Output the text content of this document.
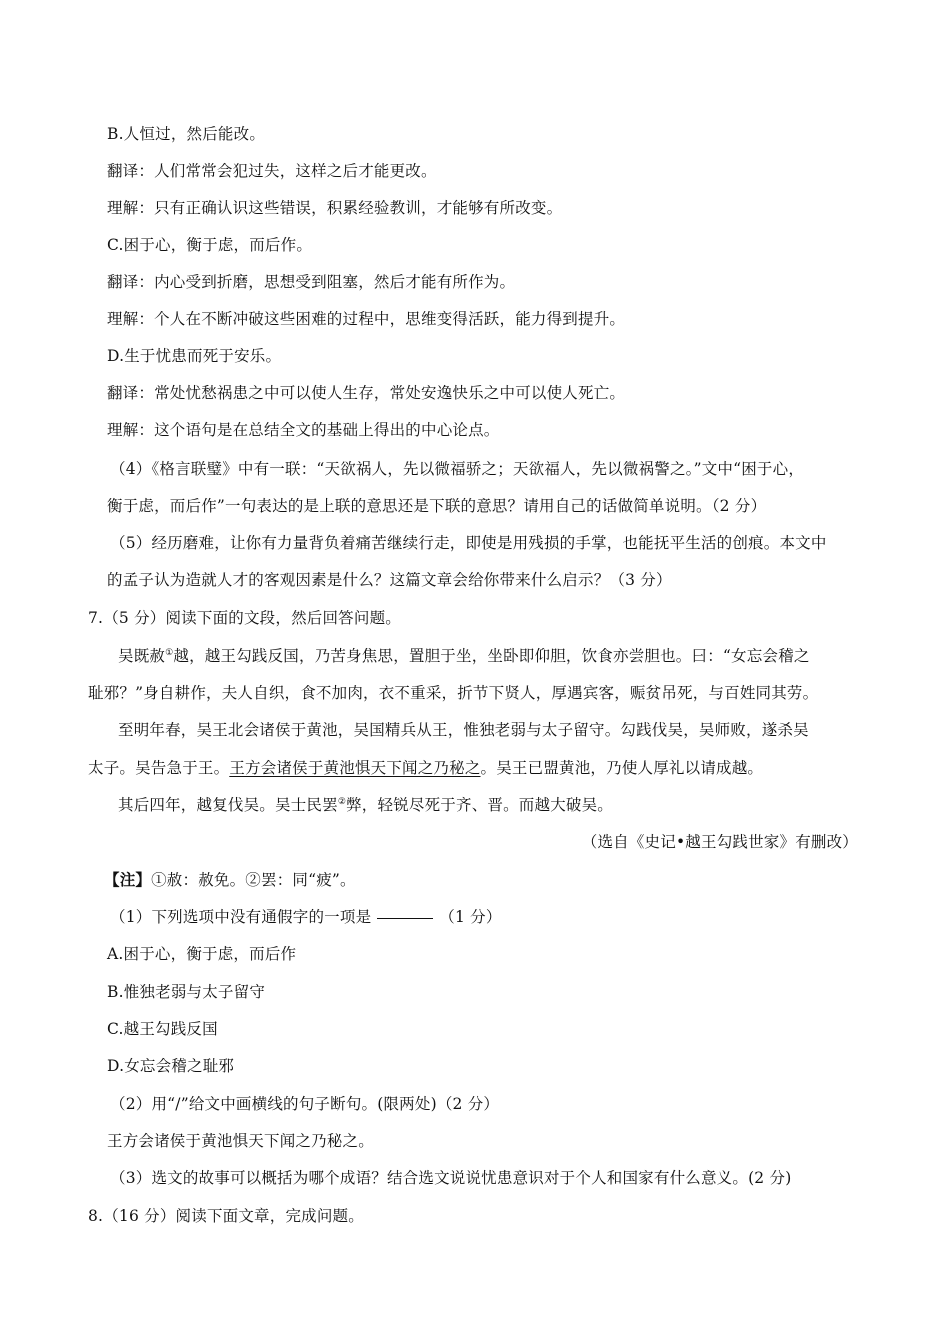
B.人恒过，然后能改。
翻译：人们常常会犯过失，这样之后才能更改。
理解：只有正确认识这些错误，积累经验教训，才能够有所改变。
C.困于心，衡于虑，而后作。
翻译：内心受到折磨，思想受到阻塞，然后才能有所作为。
理解：个人在不断冲破这些困难的过程中，思维变得活跃，能力得到提升。
D.生于忧患而死于安乐。
翻译：常处忧愁祸患之中可以使人生存，常处安逸快乐之中可以使人死亡。
理解：这个语句是在总结全文的基础上得出的中心论点。
（4）《格言联璧》中有一联：“天欲祸人，先以微福骄之；天欲福人，先以微祸警之。”文中“困于心，
衡于虑，而后作”一句表达的是上联的意思还是下联的意思？请用自己的话做简单说明。（2 分）
（5）经历磨难，让你有力量背负着痛苦继续行走，即使是用残损的手掌，也能抚平生活的创痕。本文中
的孟子认为造就人才的客观因素是什么？这篇文章会给你带来什么启示？（3 分）
7.（5 分）阅读下面的文段，然后回答问题。
吴既赦①越，越王勾践反国，乃苦身焦思，置胆于坐，坐卧即仰胆，饮食亦尝胆也。曰：“女忘会稽之
耻邪？”身自耕作，夫人自织，食不加肉，衣不重采，折节下贤人，厚遇宾客，赈贫吊死，与百姓同其劳。
至明年春，吴王北会诸侯于黄池，吴国精兵从王，惟独老弱与太子留守。勾践伐吴，吴师败，遂杀吴
太子。吴告急于王。王方会诸侯于黄池惧天下闻之乃秘之。吴王已盟黄池，乃使人厚礼以请成越。
其后四年，越复伐吴。吴士民罢②弊，轻锐尽死于齐、晋。而越大破吴。
（选自《史记•越王勾践世家》有删改）
【注】①赦：赦免。②罢：同“疲”。
（1）下列选项中没有通假字的一项是	（1 分）
A.困于心，衡于虑，而后作
B.惟独老弱与太子留守
C.越王勾践反国
D.女忘会稽之耻邪
（2）用“/”给文中画横线的句子断句。(限两处)（2 分）
王方会诸侯于黄池惧天下闻之乃秘之。
（3）选文的故事可以概括为哪个成语？结合选文说说忧患意识对于个人和国家有什么意义。(2 分)
8.（16 分）阅读下面文章，完成问题。
